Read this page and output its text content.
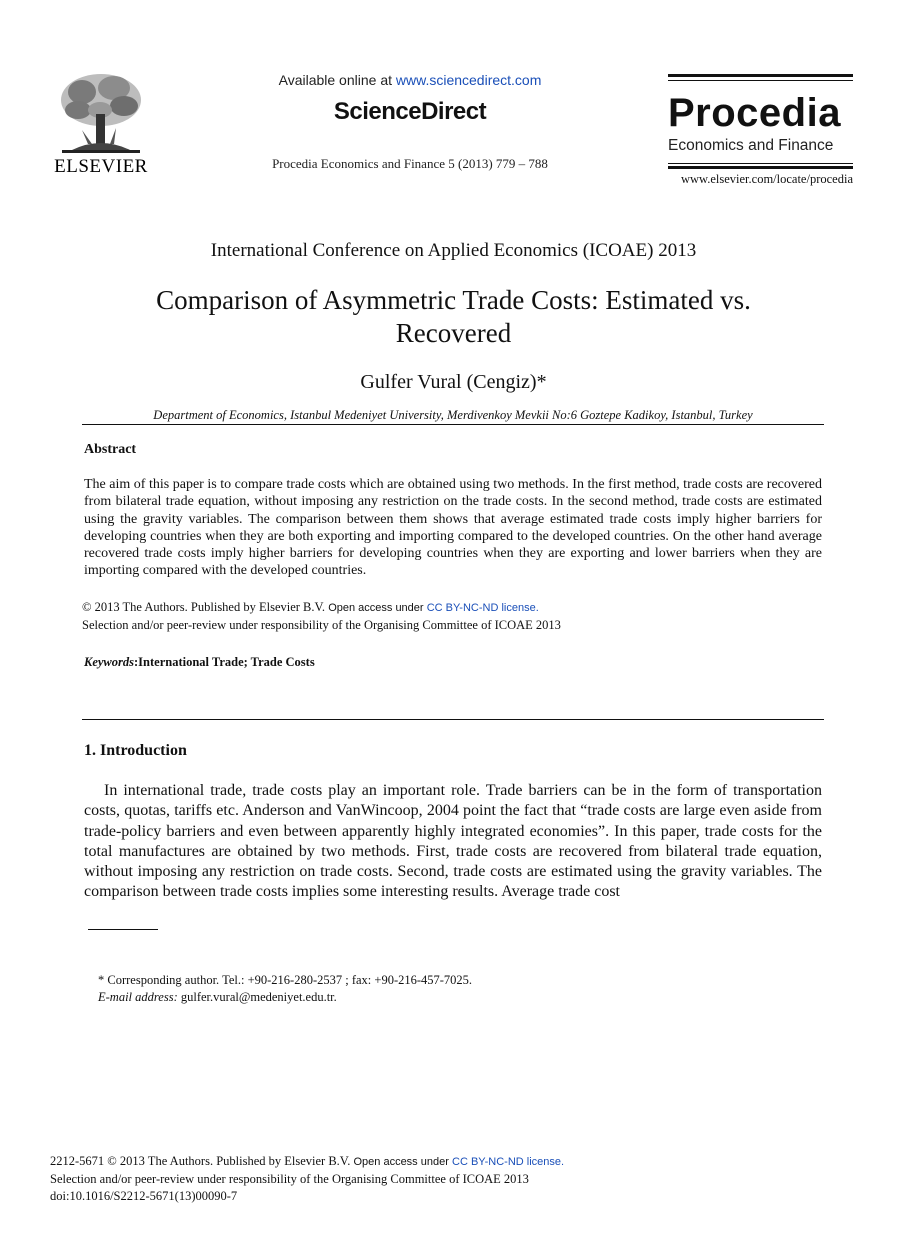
ELSEVIER
Available online at www.sciencedirect.com
ScienceDirect
Procedia Economics and Finance 5 (2013) 779 – 788
Procedia
Economics and Finance
www.elsevier.com/locate/procedia
International Conference on Applied Economics (ICOAE) 2013
Comparison of Asymmetric Trade Costs: Estimated vs. Recovered
Gulfer Vural (Cengiz)*
Department of Economics, Istanbul Medeniyet University, Merdivenkoy Mevkii No:6 Goztepe Kadikoy, Istanbul, Turkey
Abstract
The aim of this paper is to compare trade costs which are obtained using two methods. In the first method, trade costs are recovered from bilateral trade equation, without imposing any restriction on the trade costs. In the second method, trade costs are estimated using the gravity variables. The comparison between them shows that average estimated trade costs imply higher barriers for developing countries when they are both exporting and importing compared to the developed countries. On the other hand average recovered trade costs imply higher barriers for developing countries when they are exporting and lower barriers when they are importing compared with the developed countries.
© 2013 The Authors. Published by Elsevier B.V. Open access under CC BY-NC-ND license.
Selection and/or peer-review under responsibility of the Organising Committee of ICOAE 2013
Keywords:International Trade; Trade Costs
1. Introduction
In international trade, trade costs play an important role. Trade barriers can be in the form of transportation costs, quotas, tariffs etc. Anderson and VanWincoop, 2004 point the fact that “trade costs are large even aside from trade-policy barriers and even between apparently highly integrated economies”. In this paper, trade costs for the total manufactures are obtained by two methods. First, trade costs are recovered from bilateral trade equation, without imposing any restriction on trade costs. Second, trade costs are estimated using the gravity variables. The comparison between trade costs implies some interesting results. Average trade cost
* Corresponding author. Tel.: +90-216-280-2537 ; fax: +90-216-457-7025.
E-mail address: gulfer.vural@medeniyet.edu.tr.
2212-5671 © 2013 The Authors. Published by Elsevier B.V. Open access under CC BY-NC-ND license.
Selection and/or peer-review under responsibility of the Organising Committee of ICOAE 2013
doi:10.1016/S2212-5671(13)00090-7
